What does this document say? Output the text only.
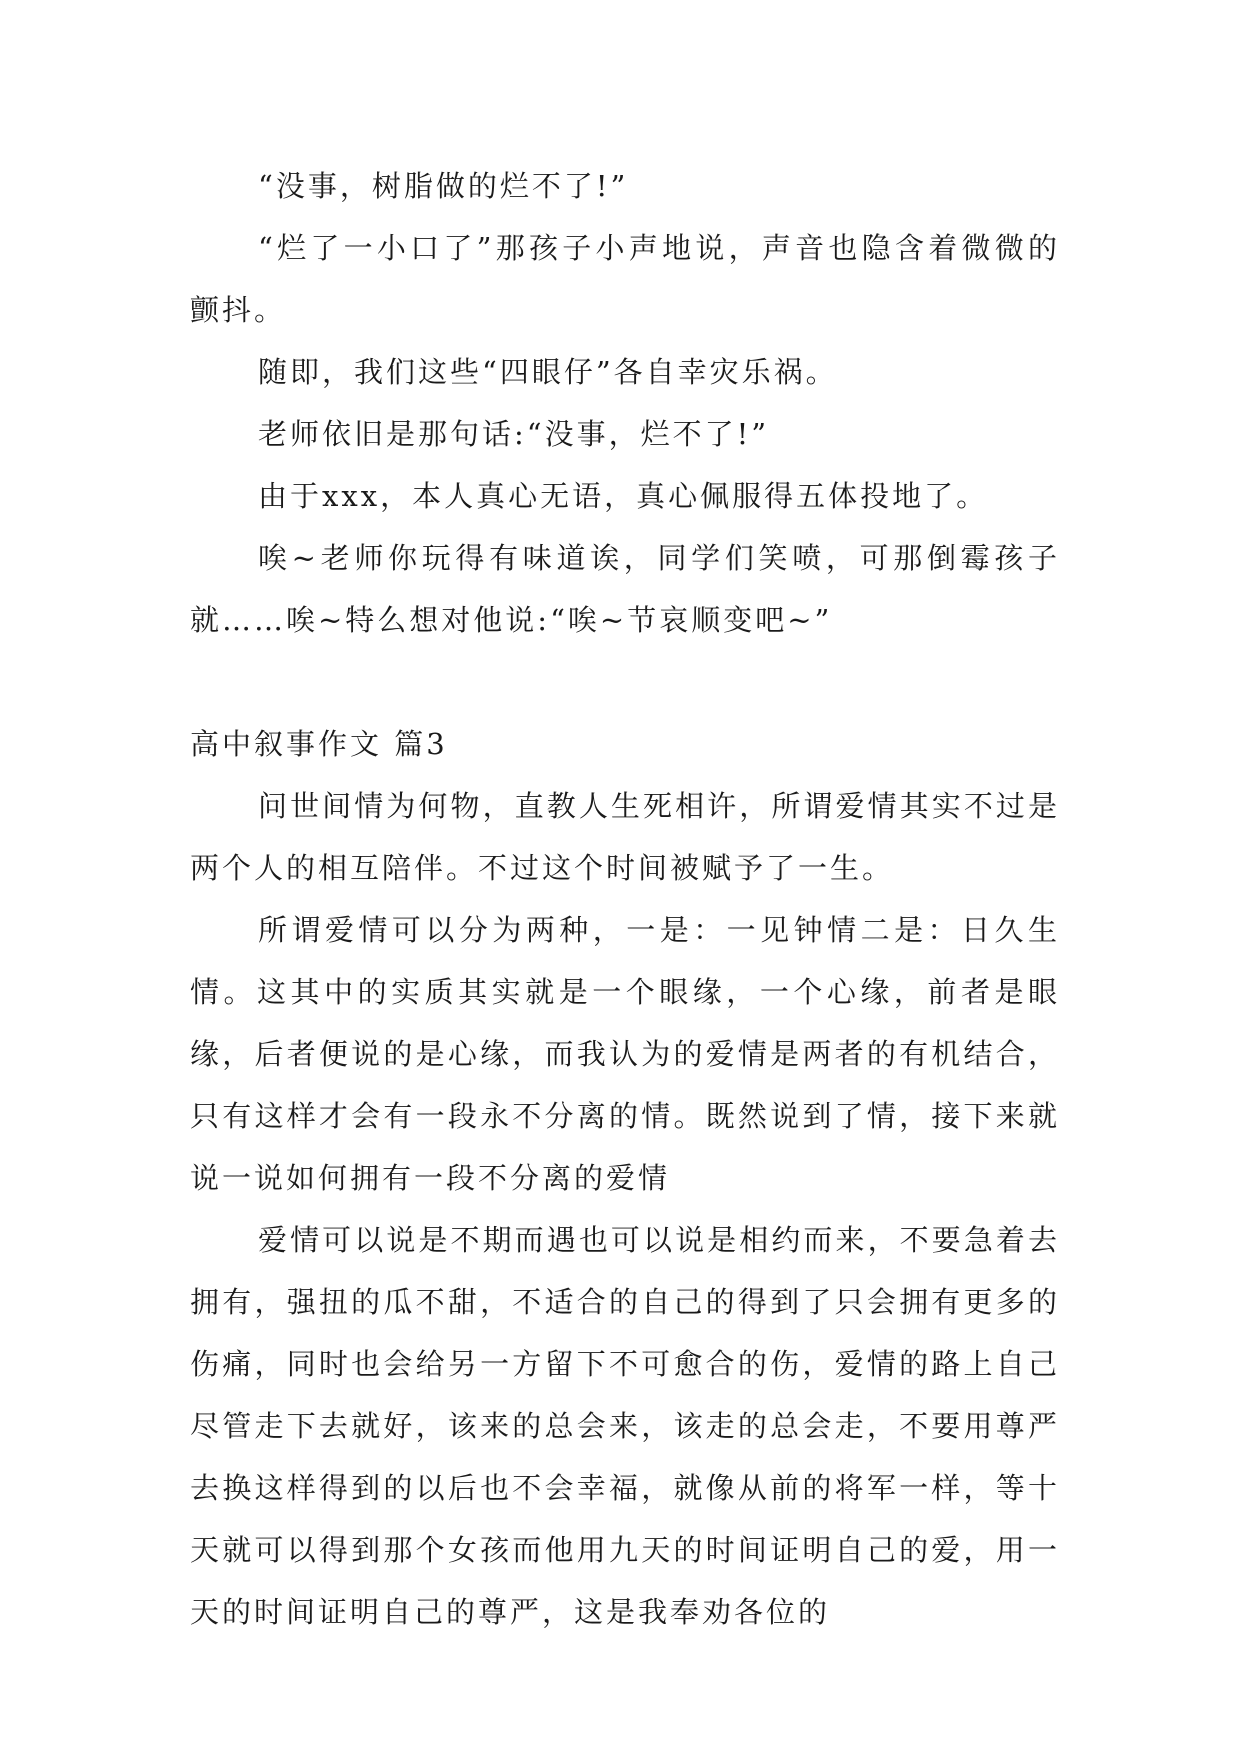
“没事，树脂做的烂不了!”

“烂了一小口了”那孩子小声地说，声音也隐含着微微的颤抖。

随即，我们这些“四眼仔”各自幸灾乐祸。

老师依旧是那句话:“没事，烂不了!”

由于xxx，本人真心无语，真心佩服得五体投地了。

唉~老师你玩得有味道诶，同学们笑喷，可那倒霉孩子就……唉~特么想对他说:“唉~节哀顺变吧~”

高中叙事作文 篇3

问世间情为何物，直教人生死相许，所谓爱情其实不过是两个人的相互陪伴。不过这个时间被赋予了一生。

所谓爱情可以分为两种，一是：一见钟情二是：日久生情。这其中的实质其实就是一个眼缘，一个心缘，前者是眼缘，后者便说的是心缘，而我认为的爱情是两者的有机结合，只有这样才会有一段永不分离的情。既然说到了情，接下来就说一说如何拥有一段不分离的爱情

爱情可以说是不期而遇也可以说是相约而来，不要急着去拥有，强扭的瓜不甜，不适合的自己的得到了只会拥有更多的伤痛，同时也会给另一方留下不可愈合的伤，爱情的路上自己尽管走下去就好，该来的总会来，该走的总会走，不要用尊严去换这样得到的以后也不会幸福，就像从前的将军一样，等十天就可以得到那个女孩而他用九天的时间证明自己的爱，用一天的时间证明自己的尊严，这是我奉劝各位的
